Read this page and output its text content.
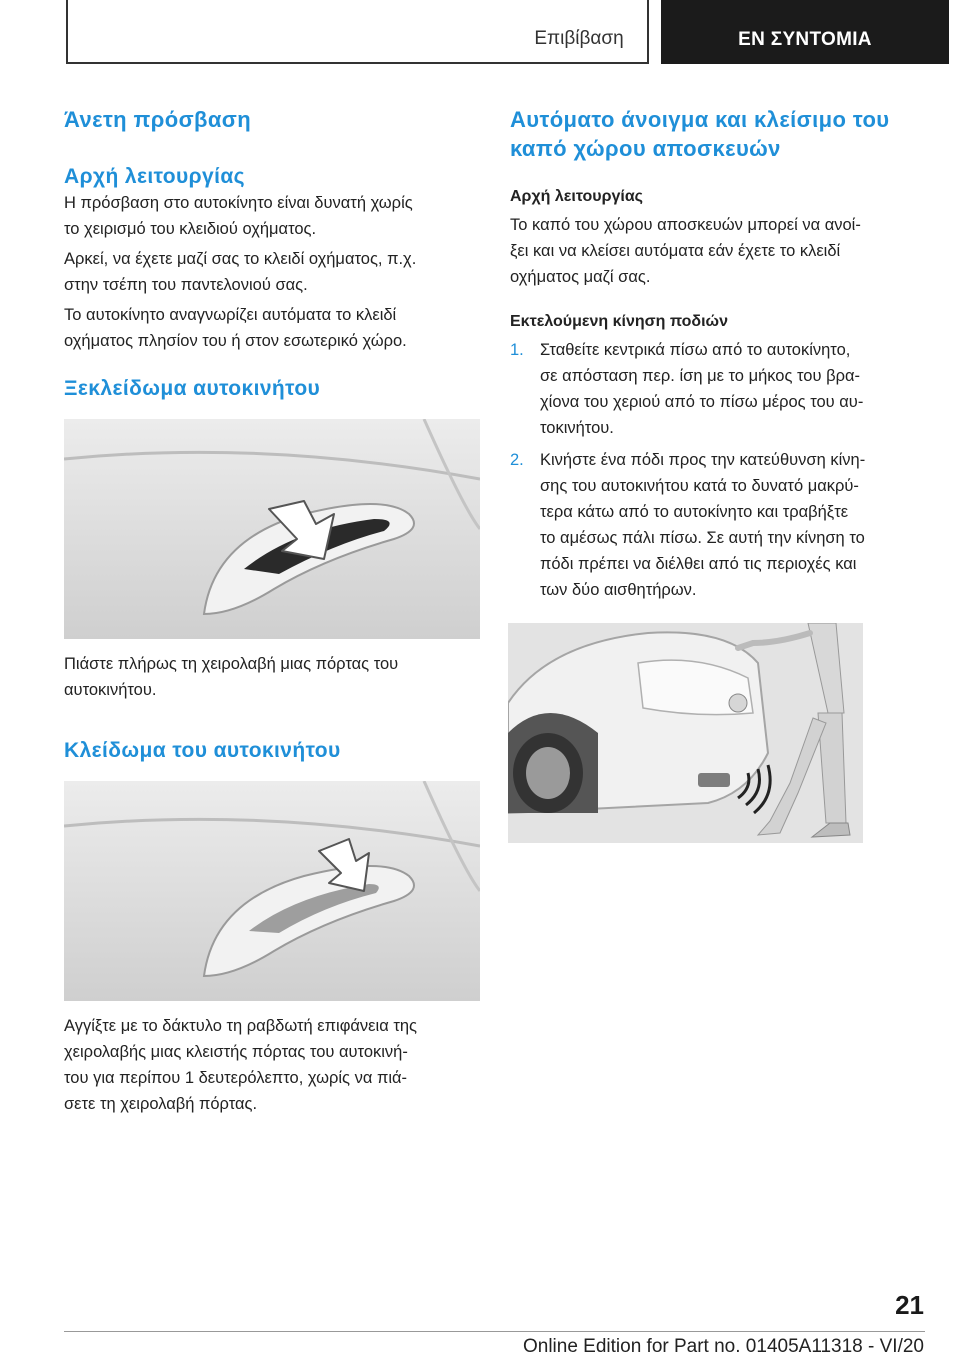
Επιβίβαση	ΕΝ ΣΥΝΤΟΜΙΑ
Άνετη πρόσβαση
Αρχή λειτουργίας
Η πρόσβαση στο αυτοκίνητο είναι δυνατή χωρίς
το χειρισμό του κλειδιού οχήματος.
Αρκεί, να έχετε μαζί σας το κλειδί οχήματος, π.χ.
στην τσέπη του παντελονιού σας.
Το αυτοκίνητο αναγνωρίζει αυτόματα το κλειδί
οχήματος πλησίον του ή στον εσωτερικό χώρο.
Ξεκλείδωμα αυτοκινήτου
Πιάστε πλήρως τη χειρολαβή μιας πόρτας του
αυτοκινήτου.
Κλείδωμα του αυτοκινήτου
Αγγίξτε με το δάκτυλο τη ραβδωτή επιφάνεια της
χειρολαβής μιας κλειστής πόρτας του αυτοκινή-
του για περίπου 1 δευτερόλεπτο, χωρίς να πιά-
σετε τη χειρολαβή πόρτας.
Αυτόματο άνοιγμα και κλείσιμο του
καπό χώρου αποσκευών
Αρχή λειτουργίας
Το καπό του χώρου αποσκευών μπορεί να ανοί-
ξει και να κλείσει αυτόματα εάν έχετε το κλειδί
οχήματος μαζί σας.
Εκτελούμενη κίνηση ποδιών
1. Σταθείτε κεντρικά πίσω από το αυτοκίνητο,
σε απόσταση περ. ίση με το μήκος του βρα-
χίονα του χεριού από το πίσω μέρος του αυ-
τοκινήτου.
2. Κινήστε ένα πόδι προς την κατεύθυνση κίνη-
σης του αυτοκινήτου κατά το δυνατό μακρύ-
τερα κάτω από το αυτοκίνητο και τραβήξτε
το αμέσως πάλι πίσω. Σε αυτή την κίνηση το
πόδι πρέπει να διέλθει από τις περιοχές και
των δύο αισθητήρων.
21
Online Edition for Part no. 01405A11318 - VI/20
